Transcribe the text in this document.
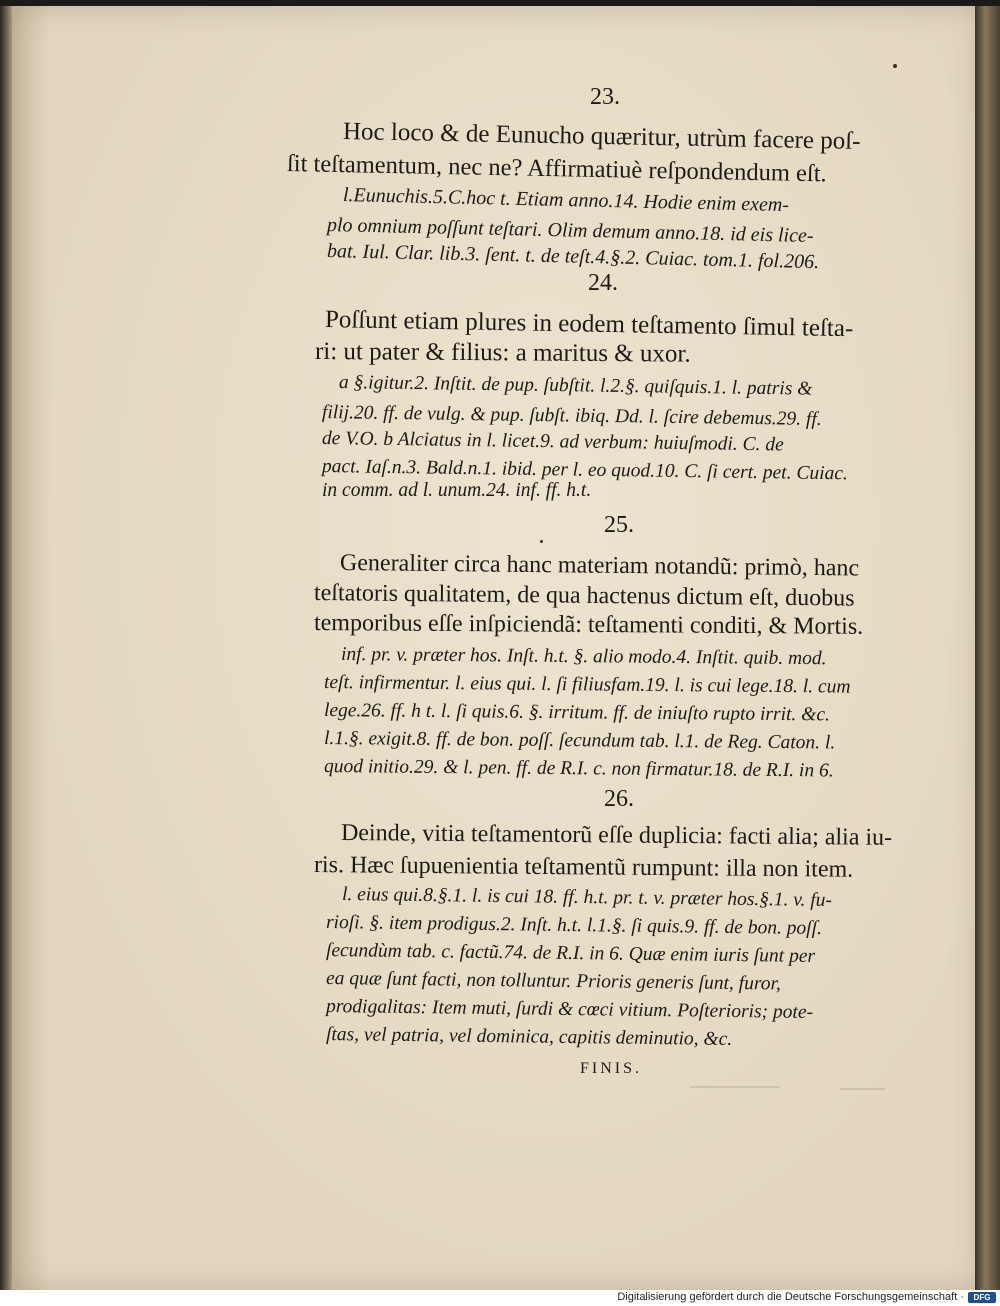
23.
Hoc loco & de Eunucho quæritur, utrùm facere poſ-
ſit teſtamentum, nec ne? Affirmatiuè reſpondendum eſt.
l.Eunuchis.5.C.hoc t. Etiam anno.14. Hodie enim exem-
plo omnium poſſunt teſtari. Olim demum anno.18. id eis lice-
bat. Iul. Clar. lib.3. ſent. t. de teſt.4.§.2. Cuiac. tom.1. fol.206.
24.
Poſſunt etiam plures in eodem teſtamento ſimul teſta-
ri: ut pater & filius: a maritus & uxor.
a §.igitur.2. Inſtit. de pup. ſubſtit. l.2.§. quiſquis.1. l. patris &
filij.20. ff. de vulg. & pup. ſubſt. ibiq. Dd. l. ſcire debemus.29. ff.
de V.O. b Alciatus in l. licet.9. ad verbum: huiuſmodi. C. de
pact. Iaſ.n.3. Bald.n.1. ibid. per l. eo quod.10. C. ſi cert. pet. Cuiac.
in comm. ad l. unum.24. inf. ff. h.t.
25.
Generaliter circa hanc materiam notandũ: primò, hanc
teſtatoris qualitatem, de qua hactenus dictum eſt, duobus
temporibus eſſe inſpiciendã: teſtamenti conditi, & Mortis.
inf. pr. v. præter hos. Inſt. h.t. §. alio modo.4. Inſtit. quib. mod.
teſt. infirmentur. l. eius qui. l. ſi filiusfam.19. l. is cui lege.18. l. cum
lege.26. ff. h t. l. ſi quis.6. §. irritum. ff. de iniuſto rupto irrit. &c.
l.1.§. exigit.8. ff. de bon. poſſ. ſecundum tab. l.1. de Reg. Caton. l.
quod initio.29. & l. pen. ff. de R.I. c. non firmatur.18. de R.I. in 6.
26.
Deinde, vitia teſtamentorũ eſſe duplicia: facti alia; alia iu-
ris. Hæc ſupuenientia teſtamentũ rumpunt: illa non item.
l. eius qui.8.§.1. l. is cui 18. ff. h.t. pr. t. v. præter hos.§.1. v. fu-
rioſi. §. item prodigus.2. Inſt. h.t. l.1.§. ſi quis.9. ff. de bon. poſſ.
ſecundùm tab. c. factũ.74. de R.I. in 6. Quæ enim iuris ſunt per
ea quæ ſunt facti, non tolluntur. Prioris generis ſunt, furor,
prodigalitas: Item muti, ſurdi & cœci vitium. Poſterioris; pote-
ſtas, vel patria, vel dominica, capitis deminutio, &c.
FINIS.
Digitalisierung gefördert durch die Deutsche Forschungsgemeinschaft ·	DFG
